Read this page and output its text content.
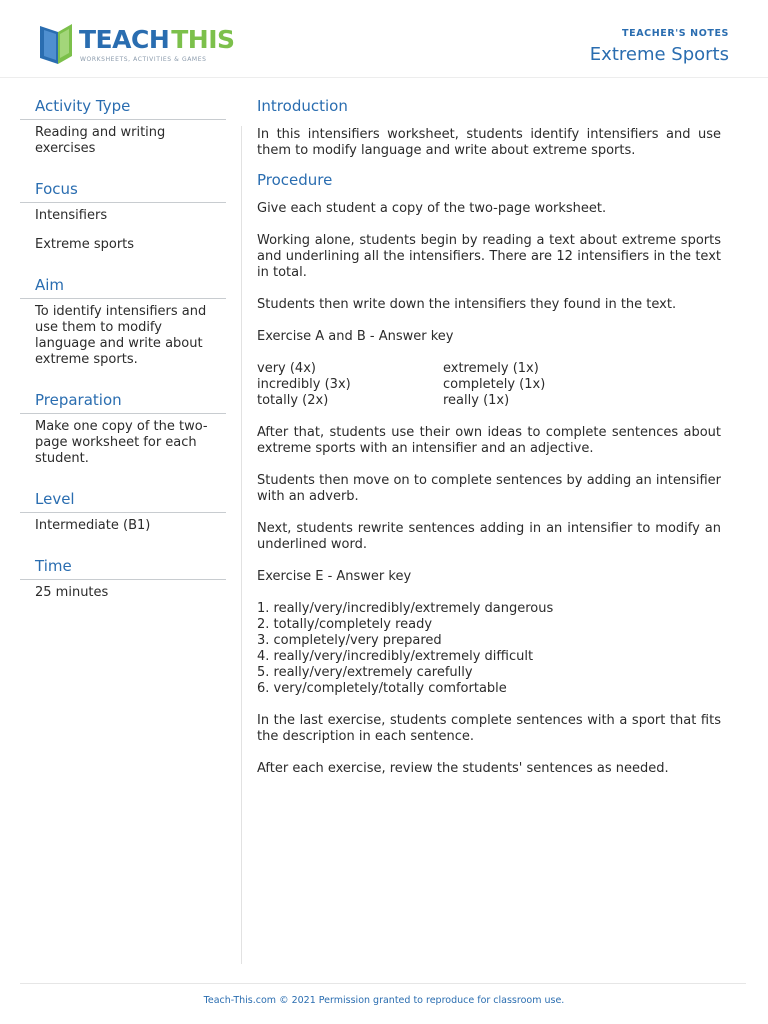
TEACH THIS
WORKSHEETS, ACTIVITIES & GAMES
TEACHER'S NOTES
Extreme Sports
Activity Type
Reading and writing exercises
Focus
Intensifiers
Extreme sports
Aim
To identify intensifiers and use them to modify language and write about extreme sports.
Preparation
Make one copy of the two-page worksheet for each student.
Level
Intermediate (B1)
Time
25 minutes
Introduction
In this intensifiers worksheet, students identify intensifiers and use them to modify language and write about extreme sports.
Procedure
Give each student a copy of the two-page worksheet.
Working alone, students begin by reading a text about extreme sports and underlining all the intensifiers. There are 12 intensifiers in the text in total.
Students then write down the intensifiers they found in the text.
Exercise A and B - Answer key
very (4x)
incredibly (3x)
totally (2x)
extremely (1x)
completely (1x)
really (1x)
After that, students use their own ideas to complete sentences about extreme sports with an intensifier and an adjective.
Students then move on to complete sentences by adding an intensifier with an adverb.
Next, students rewrite sentences adding in an intensifier to modify an underlined word.
Exercise E - Answer key
1. really/very/incredibly/extremely dangerous
2. totally/completely ready
3. completely/very prepared
4. really/very/incredibly/extremely difficult
5. really/very/extremely carefully
6. very/completely/totally comfortable
In the last exercise, students complete sentences with a sport that fits the description in each sentence.
After each exercise, review the students' sentences as needed.
Teach-This.com © 2021 Permission granted to reproduce for classroom use.
